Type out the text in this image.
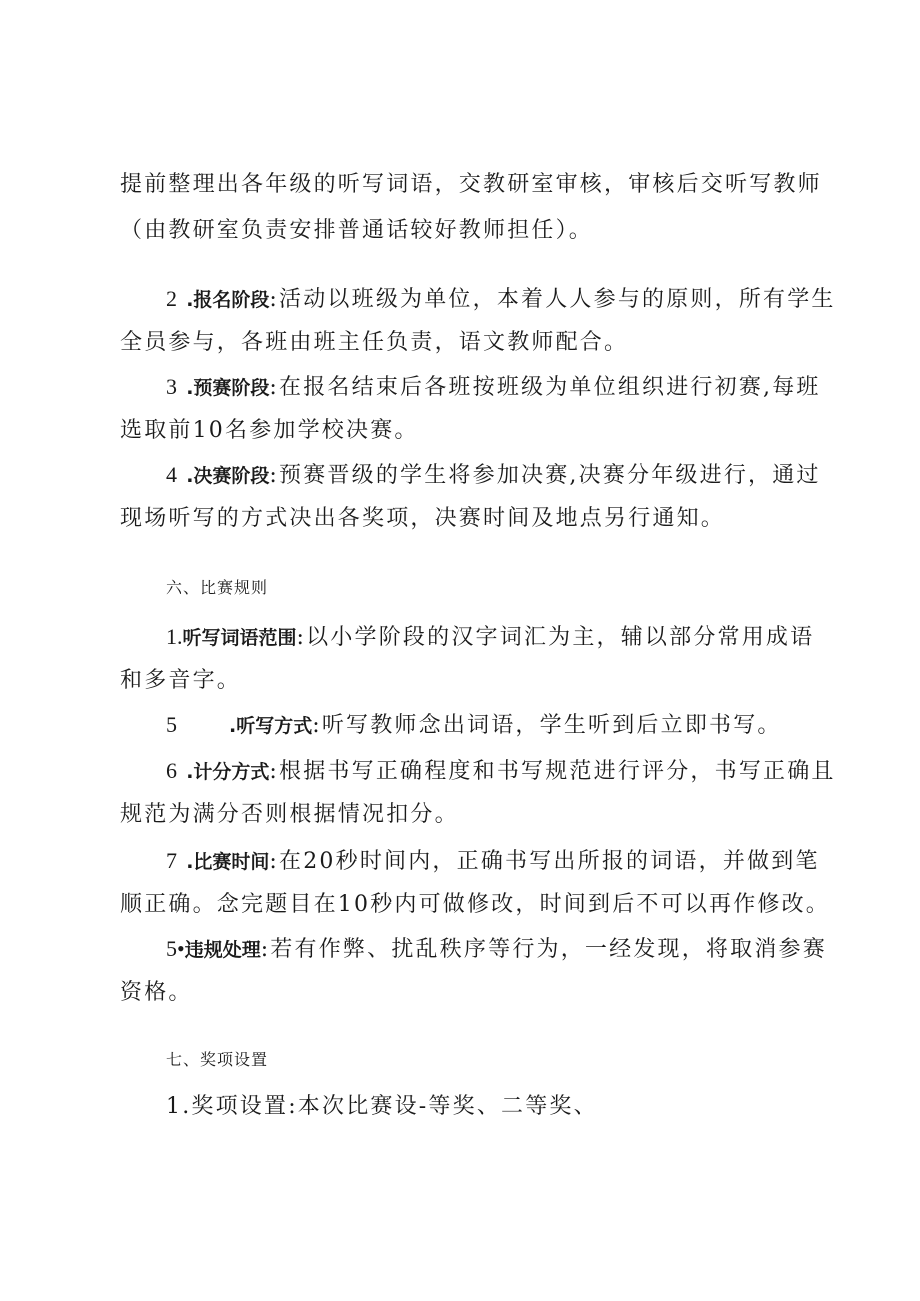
提前整理出各年级的听写词语，交教研室审核，审核后交听写教师
（由教研室负责安排普通话较好教师担任）。
2 .报名阶段:活动以班级为单位，本着人人参与的原则，所有学生
全员参与，各班由班主任负责，语文教师配合。
3 .预赛阶段:在报名结束后各班按班级为单位组织进行初赛,每班
选取前10名参加学校决赛。
4 .决赛阶段:预赛晋级的学生将参加决赛,决赛分年级进行，通过
现场听写的方式决出各奖项，决赛时间及地点另行通知。
六、比赛规则
1.听写词语范围:以小学阶段的汉字词汇为主，辅以部分常用成语
和多音字。
5	.听写方式:听写教师念出词语，学生听到后立即书写。
6 .计分方式:根据书写正确程度和书写规范进行评分，书写正确且
规范为满分否则根据情况扣分。
7 .比赛时间:在20秒时间内，正确书写出所报的词语，并做到笔
顺正确。念完题目在10秒内可做修改，时间到后不可以再作修改。
5•违规处理:若有作弊、扰乱秩序等行为，一经发现，将取消参赛
资格。
七、奖项设置
1.奖项设置:本次比赛设-等奖、二等奖、
